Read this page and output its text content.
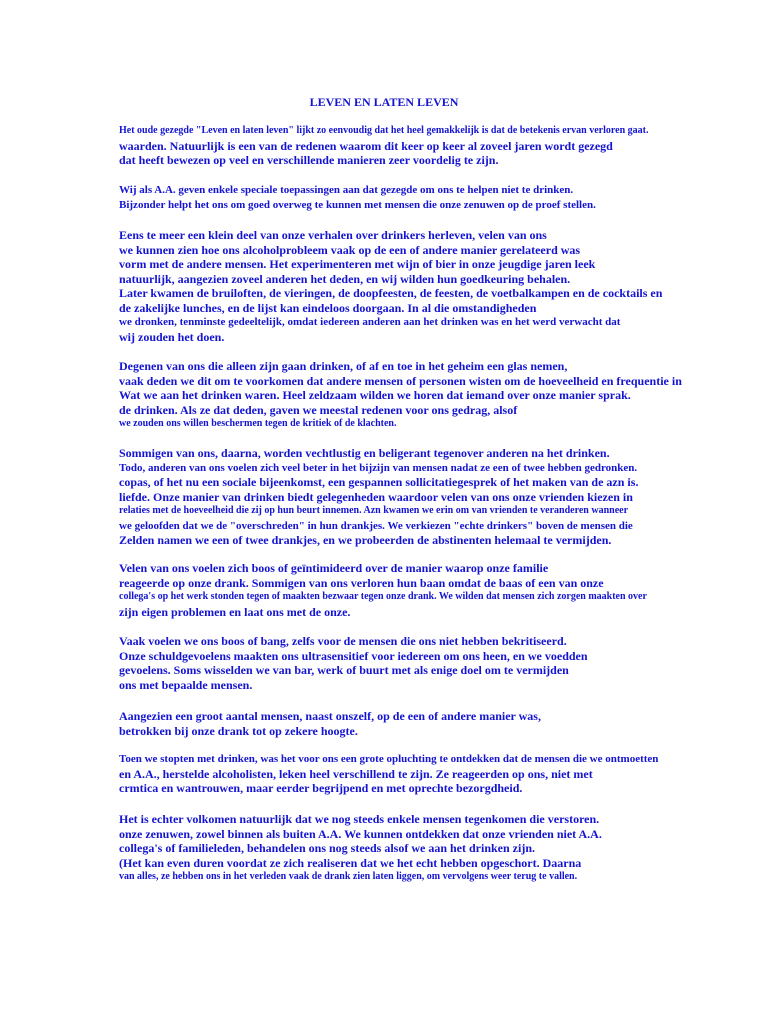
LEVEN EN LATEN LEVEN

Het oude gezegde "Leven en laten leven" lijkt zo eenvoudig dat het heel gemakkelijk is dat de betekenis ervan verloren gaat.
waarden. Natuurlijk is een van de redenen waarom dit keer op keer al zoveel jaren wordt gezegd
dat heeft bewezen op veel en verschillende manieren zeer voordelig te zijn.

Wij als A.A. geven enkele speciale toepassingen aan dat gezegde om ons te helpen niet te drinken.
Bijzonder helpt het ons om goed overweg te kunnen met mensen die onze zenuwen op de proef stellen.

Eens te meer een klein deel van onze verhalen over drinkers herleven, velen van ons
we kunnen zien hoe ons alcoholprobleem vaak op de een of andere manier gerelateerd was
vorm met de andere mensen. Het experimenteren met wijn of bier in onze jeugdige jaren leek
natuurlijk, aangezien zoveel anderen het deden, en wij wilden hun goedkeuring behalen.
Later kwamen de bruiloften, de vieringen, de doopfeesten, de feesten, de voetbalkampen en de cocktails en
de zakelijke lunches, en de lijst kan eindeloos doorgaan. In al die omstandigheden
we dronken, tenminste gedeeltelijk, omdat iedereen anderen aan het drinken was en het werd verwacht dat
wij zouden het doen.

Degenen van ons die alleen zijn gaan drinken, of af en toe in het geheim een glas nemen,
vaak deden we dit om te voorkomen dat andere mensen of personen wisten om de hoeveelheid en frequentie in
Wat we aan het drinken waren. Heel zeldzaam wilden we horen dat iemand over onze manier sprak.
de drinken. Als ze dat deden, gaven we meestal redenen voor ons gedrag, alsof
we zouden ons willen beschermen tegen de kritiek of de klachten.

Sommigen van ons, daarna, worden vechtlustig en beligerant tegenover anderen na het drinken.
Todo, anderen van ons voelen zich veel beter in het bijzijn van mensen nadat ze een of twee hebben gedronken.
copas, of het nu een sociale bijeenkomst, een gespannen sollicitatiegesprek of het maken van de azn is.
liefde. Onze manier van drinken biedt gelegenheden waardoor velen van ons onze vrienden kiezen in
relaties met de hoeveelheid die zij op hun beurt innemen. Azn kwamen we erin om van vrienden te veranderen wanneer
we geloofden dat we de "overschreden" in hun drankjes. We verkiezen "echte drinkers" boven de mensen die
Zelden namen we een of twee drankjes, en we probeerden de abstinenten helemaal te vermijden.

Velen van ons voelen zich boos of geïntimideerd over de manier waarop onze familie
reageerde op onze drank. Sommigen van ons verloren hun baan omdat de baas of een van onze
collega's op het werk stonden tegen of maakten bezwaar tegen onze drank. We wilden dat mensen zich zorgen maakten over
zijn eigen problemen en laat ons met de onze.

Vaak voelen we ons boos of bang, zelfs voor de mensen die ons niet hebben bekritiseerd.
Onze schuldgevoelens maakten ons ultrasensitief voor iedereen om ons heen, en we voedden
gevoelens. Soms wisselden we van bar, werk of buurt met als enige doel om te vermijden
ons met bepaalde mensen.

Aangezien een groot aantal mensen, naast onszelf, op de een of andere manier was,
betrokken bij onze drank tot op zekere hoogte.

Toen we stopten met drinken, was het voor ons een grote opluchting te ontdekken dat de mensen die we ontmoetten
en A.A., herstelde alcoholisten, leken heel verschillend te zijn. Ze reageerden op ons, niet met
crmtica en wantrouwen, maar eerder begrijpend en met oprechte bezorgdheid.

Het is echter volkomen natuurlijk dat we nog steeds enkele mensen tegenkomen die verstoren.
onze zenuwen, zowel binnen als buiten A.A. We kunnen ontdekken dat onze vrienden niet A.A.
collega's of familieleden, behandelen ons nog steeds alsof we aan het drinken zijn.
(Het kan even duren voordat ze zich realiseren dat we het echt hebben opgeschort. Daarna
van alles, ze hebben ons in het verleden vaak de drank zien laten liggen, om vervolgens weer terug te vallen.
